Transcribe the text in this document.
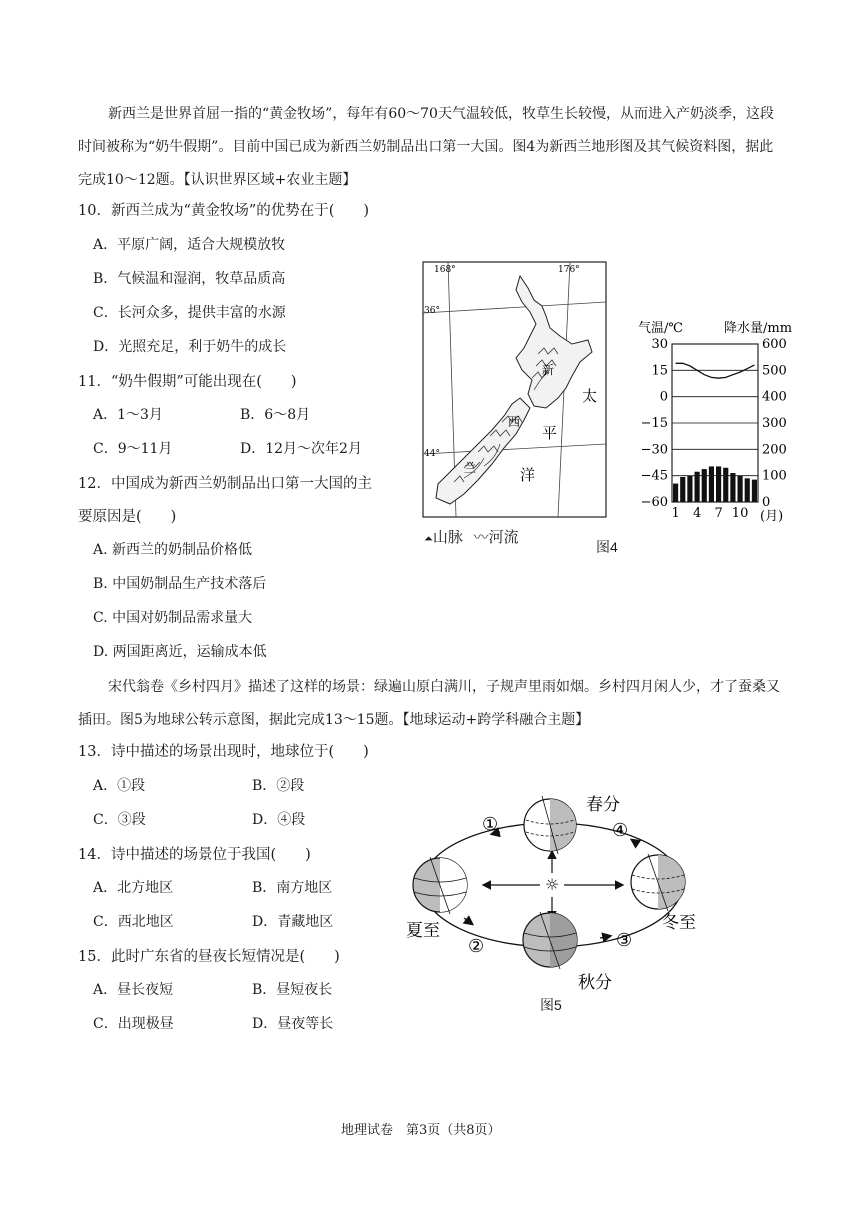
新西兰是世界首屈一指的“黄金牧场”，每年有60～70天气温较低，牧草生长较慢，从而进入产奶淡季，这段时间被称为“奶牛假期”。目前中国已成为新西兰奶制品出口第一大国。图4为新西兰地形图及其气候资料图，据此完成10～12题。【认识世界区域+农业主题】
10．新西兰成为“黄金牧场”的优势在于(　　)
A．平原广阔，适合大规模放牧
B．气候温和湿润，牧草品质高
C．长河众多，提供丰富的水源
D．光照充足，利于奶牛的成长
11．“奶牛假期”可能出现在(　　)
A．1～3月	B．6～8月
C．9～11月	D．12月～次年2月
12．中国成为新西兰奶制品出口第一大国的主
要原因是(　　)
A. 新西兰的奶制品价格低
B. 中国奶制品生产技术落后
C. 中国对奶制品需求量大
D. 两国距离近，运输成本低
168°	176°
36°
44°
新
西
兰
太
平
洋
⏶山脉 〰河流
图4
气温/℃	降水量/mm
30	600
15	500
0	400
−15	300
−30	200
−45	100
−60	0
1 4 7 10 (月)
宋代翁卷《乡村四月》描述了这样的场景：绿遍山原白满川，子规声里雨如烟。乡村四月闲人少，才了蚕桑又插田。图5为地球公转示意图，据此完成13～15题。【地球运动+跨学科融合主题】
13．诗中描述的场景出现时，地球位于(　　)
A．①段	B．②段
C．③段	D．④段
14．诗中描述的场景位于我国(　　)
A．北方地区	B．南方地区
C．西北地区	D．青藏地区
15．此时广东省的昼夜长短情况是(　　)
A．昼长夜短	B．昼短夜长
C．出现极昼	D．昼夜等长
☼
春分
夏至
秋分
冬至
①
②	③
④
图5
地理试卷　第3页（共8页）
